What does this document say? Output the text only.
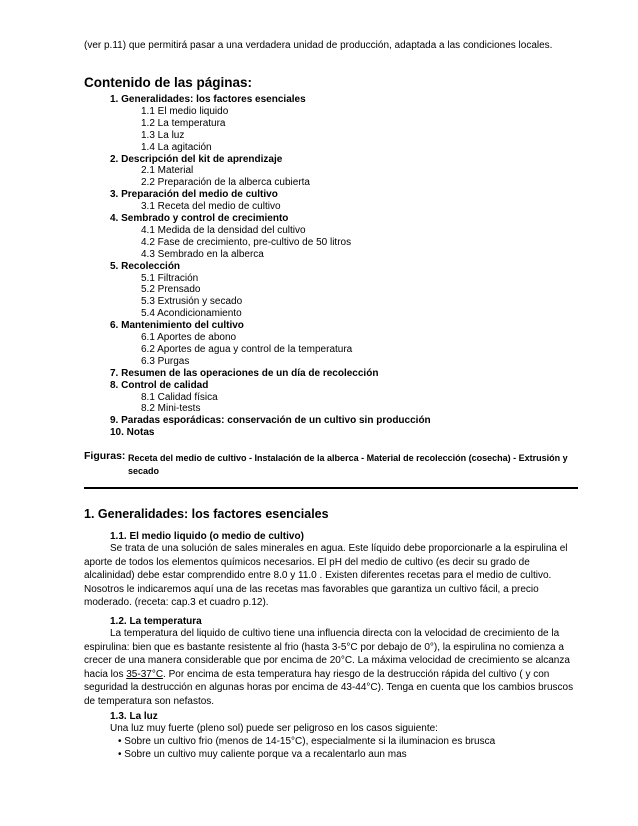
(ver p.11) que permitirá pasar a una verdadera unidad de producción, adaptada a las condiciones locales.
Contenido de las páginas:
1. Generalidades: los factores esenciales
1.1 El medio liquido
1.2 La temperatura
1.3 La luz
1.4 La agitación
2. Descripción del kit de aprendizaje
2.1 Material
2.2 Preparación de la alberca cubierta
3. Preparación del medio de cultivo
3.1 Receta del medio de cultivo
4. Sembrado y control de crecimiento
4.1 Medida de la densidad del cultivo
4.2 Fase de crecimiento, pre-cultivo de 50 litros
4.3 Sembrado en la alberca
5. Recolección
5.1 Filtración
5.2 Prensado
5.3 Extrusión y secado
5.4 Acondicionamiento
6. Mantenimiento del cultivo
6.1 Aportes de abono
6.2 Aportes de agua y control de la temperatura
6.3 Purgas
7. Resumen de las operaciones de un día de recolección
8. Control de calidad
8.1 Calidad física
8.2 Mini-tests
9. Paradas esporádicas: conservación de un cultivo sin producción
10. Notas
Figuras: Receta del medio de cultivo - Instalación de la alberca - Material de recolección (cosecha) - Extrusión y secado
1. Generalidades: los factores esenciales
1.1. El medio liquido (o medio de cultivo)

Se trata de una solución de sales minerales en agua. Este líquido debe proporcionarle a la espirulina el aporte de todos los elementos químicos necesarios. El pH del medio de cultivo (es decir su grado de alcalinidad) debe estar comprendido entre 8.0 y 11.0 . Existen diferentes recetas para el medio de cultivo. Nosotros le indicaremos aquí una de las recetas mas favorables que garantiza un cultivo fácil, a precio moderado. (receta: cap.3 et cuadro p.12).

1.2. La temperatura

La temperatura del liquido de cultivo tiene una influencia directa con la velocidad de crecimiento de la espirulina: bien que es bastante resistente al frio (hasta 3-5°C por debajo de 0°), la espirulina no comienza a crecer de una manera considerable que por encima de 20°C. La máxima velocidad de crecimiento se alcanza hacia los 35-37°C. Por encima de esta temperatura hay riesgo de la destrucción rápida del cultivo ( y con seguridad la destrucción en algunas horas por encima de 43-44°C). Tenga en cuenta que los cambios bruscos de temperatura son nefastos.

1.3. La luz

Una luz muy fuerte (pleno sol) puede ser peligroso en los casos siguiente:

• Sobre un cultivo frio (menos de 14-15°C), especialmente si la iluminacion es brusca
• Sobre un cultivo muy caliente porque va a recalentarlo aun mas
